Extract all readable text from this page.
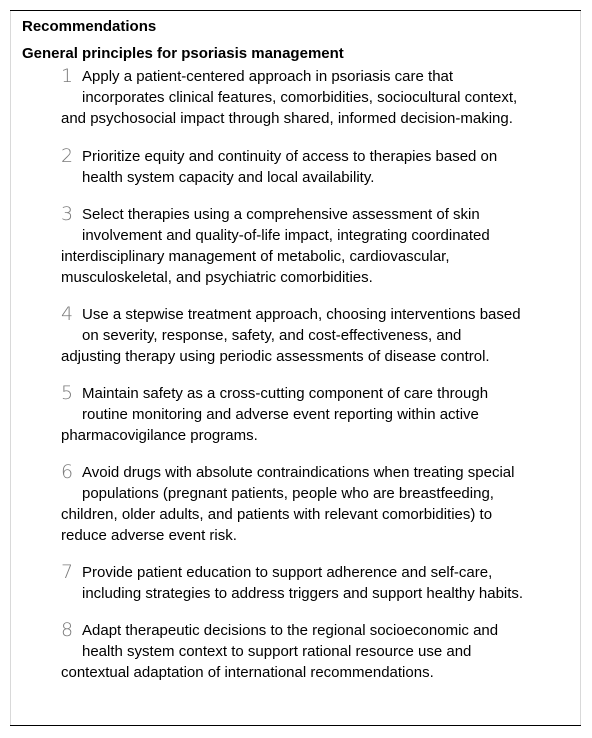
Recommendations
General principles for psoriasis management
1 Apply a patient-centered approach in psoriasis care that
incorporates clinical features, comorbidities, sociocultural context,
and psychosocial impact through shared, informed decision-making.
2 Prioritize equity and continuity of access to therapies based on
health system capacity and local availability.
3 Select therapies using a comprehensive assessment of skin
involvement and quality-of-life impact, integrating coordinated
interdisciplinary management of metabolic, cardiovascular,
musculoskeletal, and psychiatric comorbidities.
4 Use a stepwise treatment approach, choosing interventions based
on severity, response, safety, and cost-effectiveness, and
adjusting therapy using periodic assessments of disease control.
5 Maintain safety as a cross-cutting component of care through
routine monitoring and adverse event reporting within active
pharmacovigilance programs.
6 Avoid drugs with absolute contraindications when treating special
populations (pregnant patients, people who are breastfeeding,
children, older adults, and patients with relevant comorbidities) to
reduce adverse event risk.
7 Provide patient education to support adherence and self-care,
including strategies to address triggers and support healthy habits.
8 Adapt therapeutic decisions to the regional socioeconomic and
health system context to support rational resource use and
contextual adaptation of international recommendations.
